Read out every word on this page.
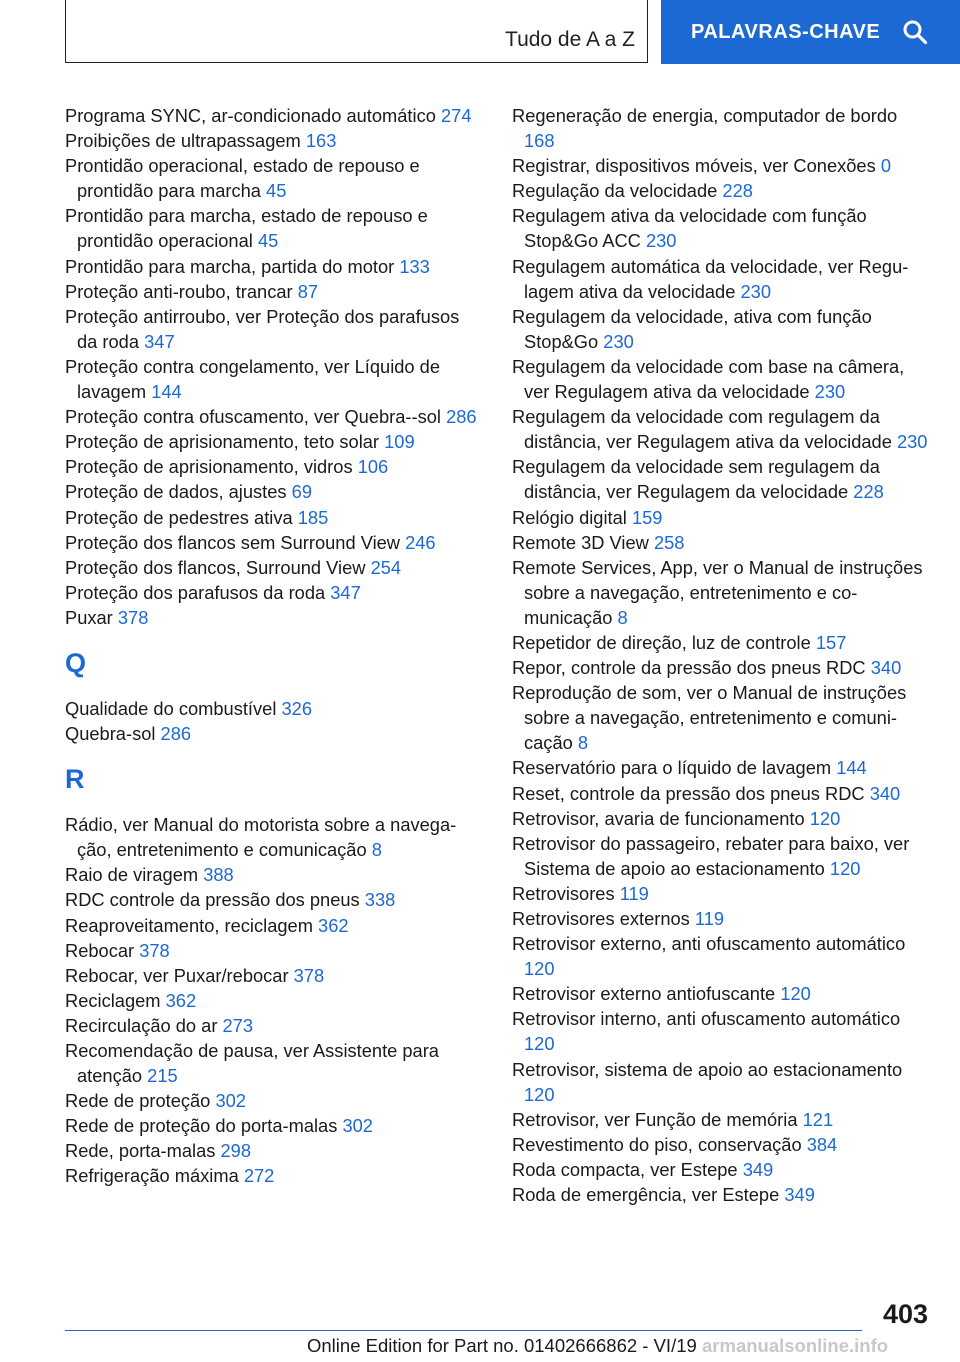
Tudo de A a Z	PALAVRAS-CHAVE

Programa SYNC, ar-condicionado automático 274

Proibições de ultrapassagem 163

Prontidão operacional, estado de repouso e prontidão para marcha 45

Prontidão para marcha, estado de repouso e prontidão operacional 45

Prontidão para marcha, partida do motor 133

Proteção anti-roubo, trancar 87

Proteção antirroubo, ver Proteção dos parafusos da roda 347

Proteção contra congelamento, ver Líquido de lavagem 144

Proteção contra ofuscamento, ver Quebra--sol 286

Proteção de aprisionamento, teto solar 109

Proteção de aprisionamento, vidros 106

Proteção de dados, ajustes 69

Proteção de pedestres ativa 185

Proteção dos flancos sem Surround View 246

Proteção dos flancos, Surround View 254

Proteção dos parafusos da roda 347

Puxar 378

Q

Qualidade do combustível 326

Quebra-sol 286

R

Rádio, ver Manual do motorista sobre a navegação, entretenimento e comunicação 8

Raio de viragem 388

RDC controle da pressão dos pneus 338

Reaproveitamento, reciclagem 362

Rebocar 378

Rebocar, ver Puxar/rebocar 378

Reciclagem 362

Recirculação do ar 273

Recomendação de pausa, ver Assistente para atenção 215

Rede de proteção 302

Rede de proteção do porta-malas 302

Rede, porta-malas 298

Refrigeração máxima 272

Regeneração de energia, computador de bordo 168

Registrar, dispositivos móveis, ver Conexões 0

Regulação da velocidade 228

Regulagem ativa da velocidade com função Stop&Go ACC 230

Regulagem automática da velocidade, ver Regulagem ativa da velocidade 230

Regulagem da velocidade, ativa com função Stop&Go 230

Regulagem da velocidade com base na câmera, ver Regulagem ativa da velocidade 230

Regulagem da velocidade com regulagem da distância, ver Regulagem ativa da velocidade 230

Regulagem da velocidade sem regulagem da distância, ver Regulagem da velocidade 228

Relógio digital 159

Remote 3D View 258

Remote Services, App, ver o Manual de instruções sobre a navegação, entretenimento e comunicação 8

Repetidor de direção, luz de controle 157

Repor, controle da pressão dos pneus RDC 340

Reprodução de som, ver o Manual de instruções sobre a navegação, entretenimento e comunicação 8

Reservatório para o líquido de lavagem 144

Reset, controle da pressão dos pneus RDC 340

Retrovisor, avaria de funcionamento 120

Retrovisor do passageiro, rebater para baixo, ver Sistema de apoio ao estacionamento 120

Retrovisores 119

Retrovisores externos 119

Retrovisor externo, anti ofuscamento automático 120

Retrovisor externo antiofuscante 120

Retrovisor interno, anti ofuscamento automático 120

Retrovisor, sistema de apoio ao estacionamento 120

Retrovisor, ver Função de memória 121

Revestimento do piso, conservação 384

Roda compacta, ver Estepe 349

Roda de emergência, ver Estepe 349

403
Online Edition for Part no. 01402666862 - VI/19 armanualsonline.info
